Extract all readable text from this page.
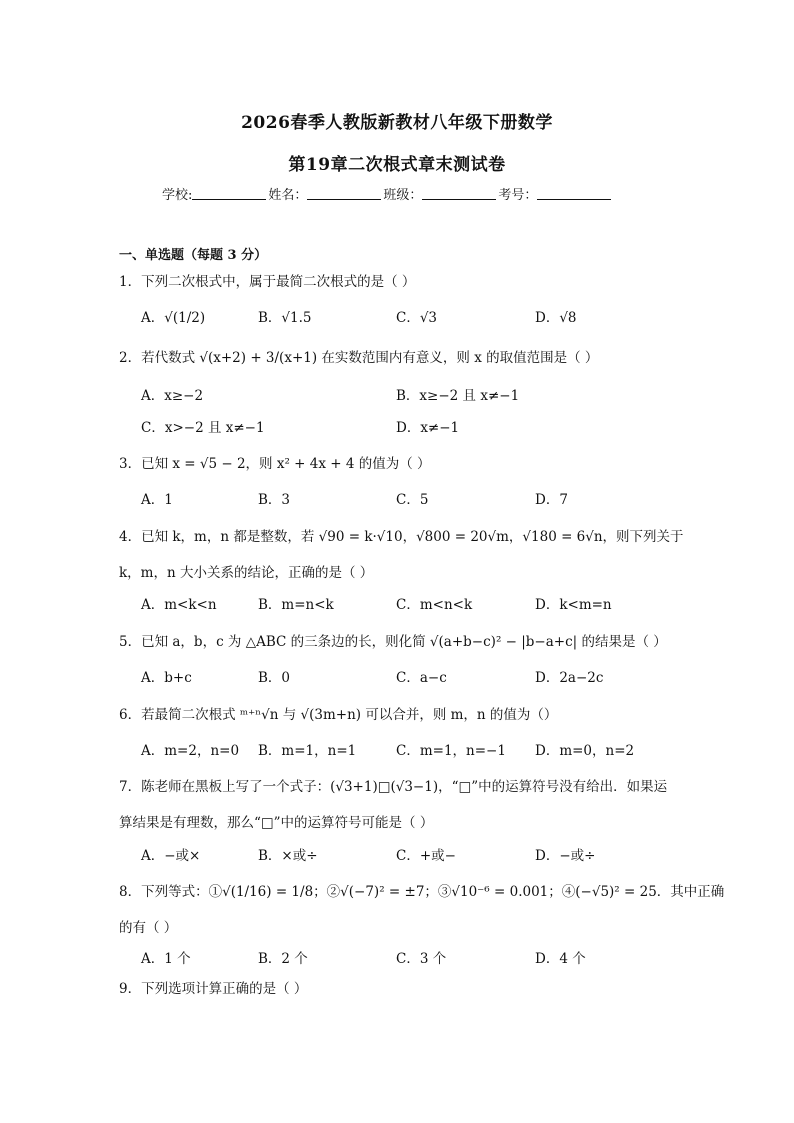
2026春季人教版新教材八年级下册数学
第19章二次根式章末测试卷
学校:	姓名：	班级：	考号：
一、单选题（每题 3 分）
1．下列二次根式中，属于最简二次根式的是（ ）
A．√(1/2)	B．√1.5	C．√3	D．√8
2．若代数式 √(x+2) + 3/(x+1) 在实数范围内有意义，则 x 的取值范围是（ ）
A．x≥−2	B．x≥−2 且 x≠−1
C．x>−2 且 x≠−1	D．x≠−1
3．已知 x = √5 − 2，则 x² + 4x + 4 的值为（ ）
A．1	B．3	C．5	D．7
4．已知 k，m，n 都是整数，若 √90 = k·√10，√800 = 20√m，√180 = 6√n，则下列关于
k，m，n 大小关系的结论，正确的是（ ）
A．m<k<n	B．m=n<k	C．m<n<k	D．k<m=n
5．已知 a，b，c 为 △ABC 的三条边的长，则化简 √(a+b−c)² − |b−a+c| 的结果是（ ）
A．b+c	B．0	C．a−c	D．2a−2c
6．若最简二次根式 ᵐ⁺ⁿ√n 与 √(3m+n) 可以合并，则 m，n 的值为（）
A．m=2，n=0 B．m=1，n=1	C．m=1，n=−1 D．m=0，n=2
7．陈老师在黑板上写了一个式子：(√3+1)□(√3−1)，“□”中的运算符号没有给出．如果运
算结果是有理数，那么“□”中的运算符号可能是（ ）
A．−或×	B．×或÷	C．+或−	D．−或÷
8．下列等式：①√(1/16) = 1/8；②√(−7)² = ±7；③√10⁻⁶ = 0.001；④(−√5)² = 25．其中正确
的有（ ）
A．1 个	B．2 个	C．3 个	D．4 个
9．下列选项计算正确的是（ ）
